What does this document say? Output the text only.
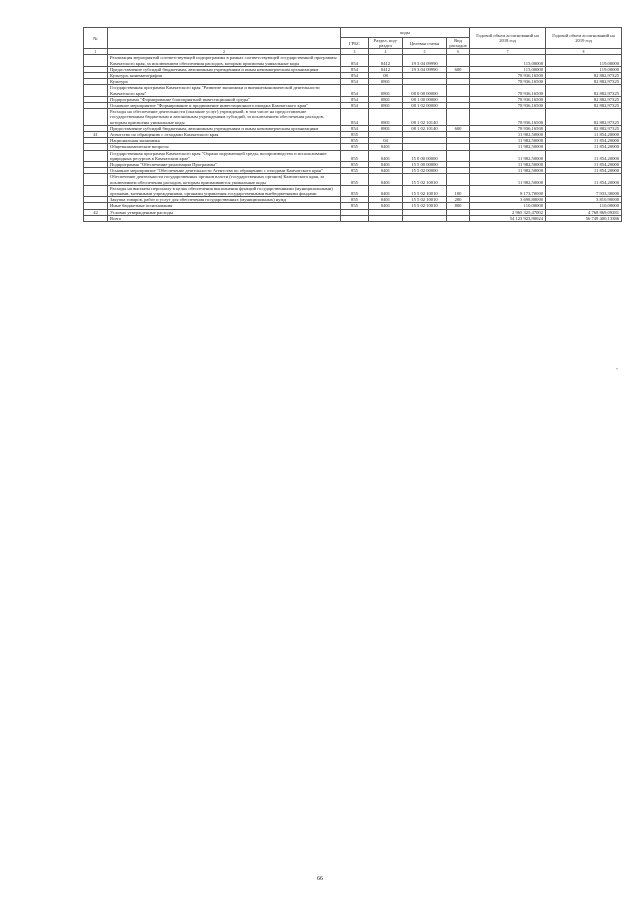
№		коды				Годовой объем ассигнований на 2018 год	Годовой объем ассигнований на 2019 год
		ГРБС	Раздел, под-раздел	Целевая статья	Вид расходов		
1	2	3	4	5	6	7	8
	Реализация мероприятий соответствующей подпрограммы в рамках соответствующей государственной программы Камчатского края, за исключением обеспечения расходов, которым присвоены уникальные коды	854	0412	19 3 04 09990		115,00000	119,00000
	Предоставление субсидий бюджетным, автономным учреждениям и иным некоммерческим организациям	854	0412	19 3 04 09990	600	115,00000	119,00000
	Культура, кинематография	854	08			78 936,16500	82 882,97325
	Культура	854	0801			78 936,16500	82 882,97325
	Государственная программа Камчатского края "Развитие экономики и внешнеэкономической деятельности Камчатского края"	854	0801	08 0 00 00000		78 936,16500	82 882,97325
	Подпрограмма "Формирование благоприятной инвестиционной среды"	854	0801	08 1 00 00000		78 936,16500	82 882,97325
	Основное мероприятие "Формирование и продвижение инвестиционного имиджа Камчатского края"	854	0801	08 1 02 00000		78 936,16500	82 882,97325
	Расходы на обеспечение деятельности (оказание услуг) учреждений, в том числе на предоставление государственным бюджетным и автономным учреждениям субсидий, за исключением обеспечения расходов, которым присвоены уникальные коды	854	0801	08 1 02 10140		78 936,16500	82 882,97325
	Предоставление субсидий бюджетным, автономным учреждениям и иным некоммерческим организациям	854	0801	08 1 02 10140	600	78 936,16500	82 882,97325
41	Агентство по обращению с отходами Камчатского края	855				11 982,50000	11 854,20000
	Национальная экономика	855	04			11 982,50000	11 854,20000
	Общеэкономические вопросы	855	0401			11 982,50000	11 854,20000
	Государственная программа Камчатского края "Охрана окружающей среды, воспроизводство и использование природных ресурсов в Камчатском крае"	855	0401	15 0 00 00000		11 982,50000	11 854,20000
	Подпрограмма "Обеспечение реализации Программы"	855	0401	15 5 00 00000		11 982,50000	11 854,20000
	Основное мероприятие "Обеспечение деятельности Агентства по обращению с отходами Камчатского края"	855	0401	15 5 02 00000		11 982,50000	11 854,20000
	Обеспечение деятельности государственных органов власти (государственных органов) Камчатского края, за исключением обеспечения расходов, которым присваиваются уникальные коды	855	0401	15 5 02 10010		11 982,50000	11 854,20000
	Расходы на выплаты персоналу в целях обеспечения выполнения функций государственными (муниципальными) органами, казенными учреждениями, органами управления государственными внебюджетными фондами	855	0401	15 5 02 10010	100	8 173,70000	7 933,30000
	Закупка товаров, работ и услуг для обеспечения государственных (муниципальных) нужд	855	0401	15 5 02 10010	200	3 698,80000	3 810,90000
	Иные бюджетные ассигнования	855	0401	15 5 02 10010	800	110,00000	110,00000
42	Условно утвержденные расходы					2 965 325,47002	4 768 869,09281
	Всего					54 123 923,90024	56 749 400,13386
*
66
